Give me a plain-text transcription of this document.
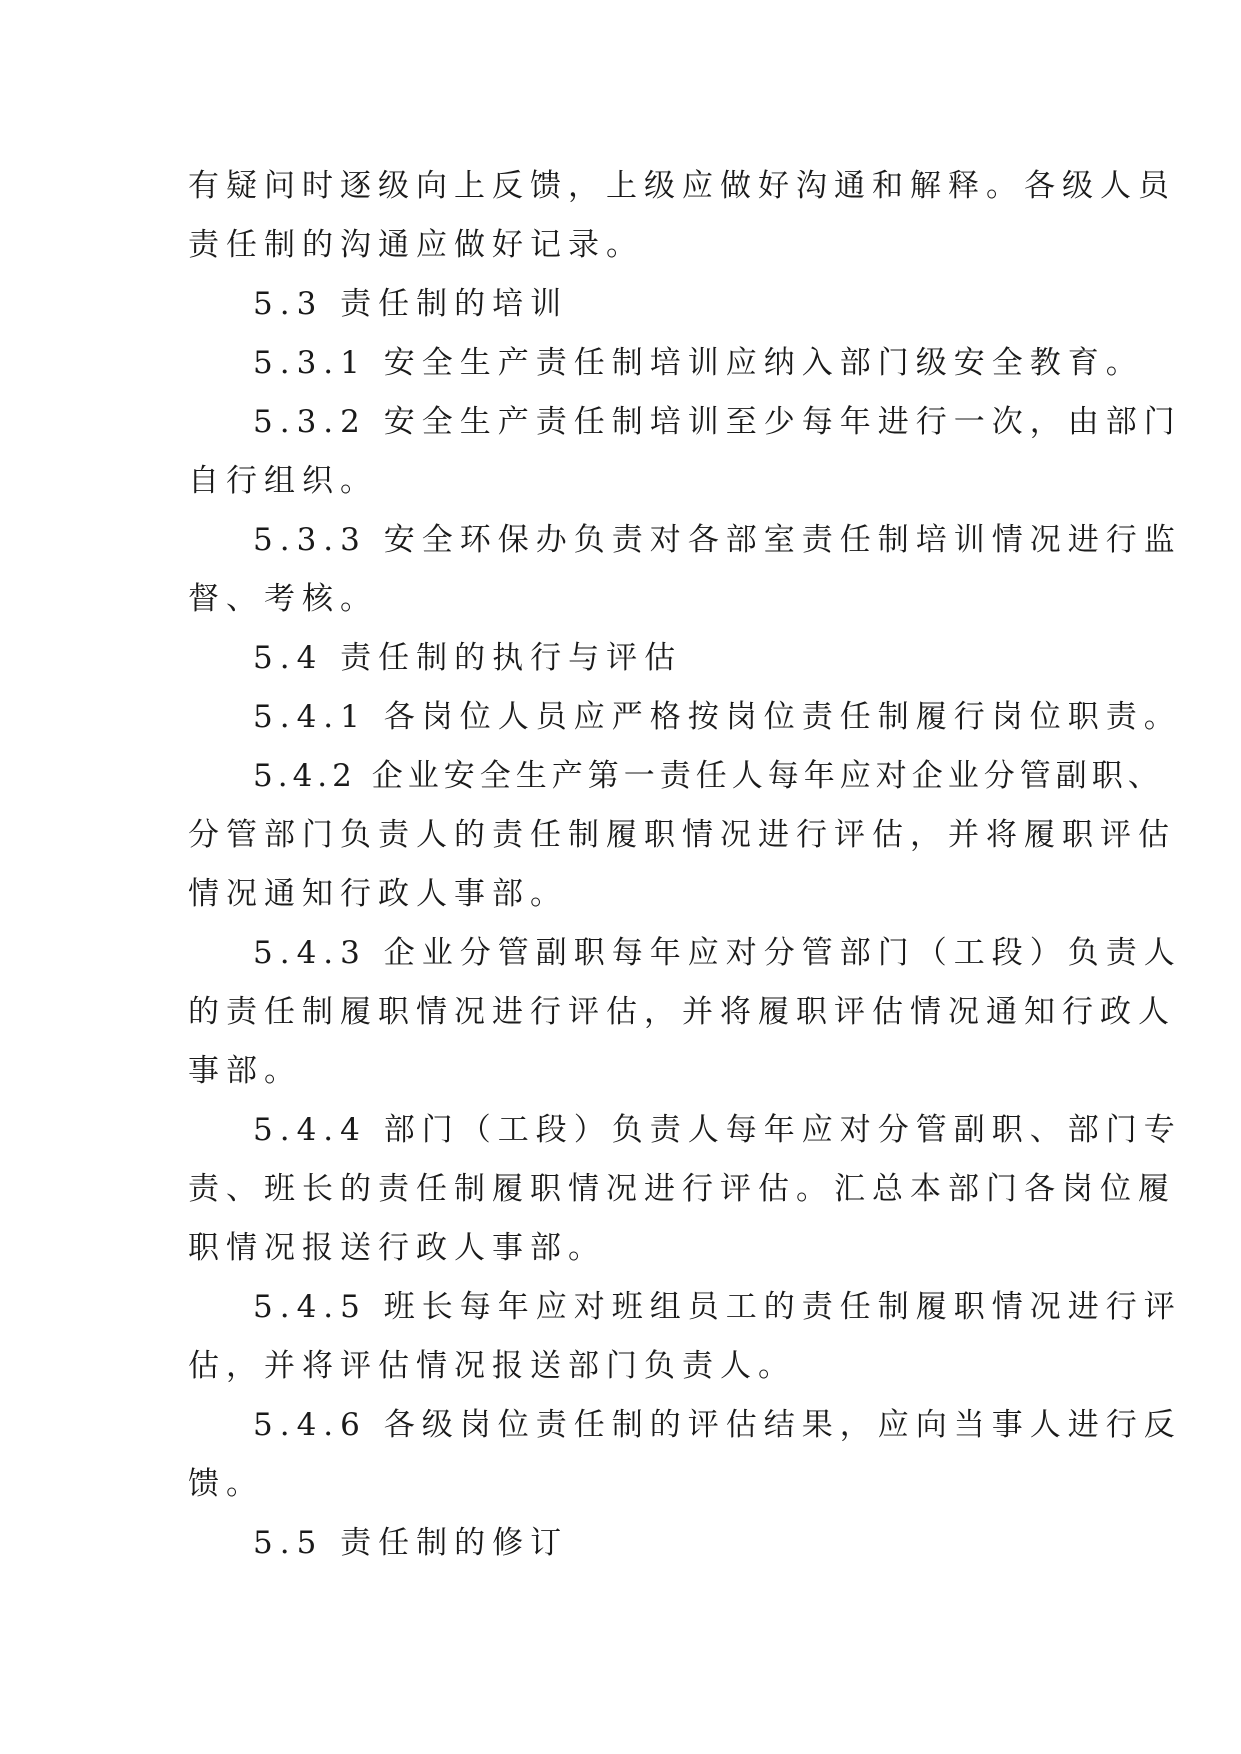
有疑问时逐级向上反馈，上级应做好沟通和解释。各级人员
责任制的沟通应做好记录。
5.3 责任制的培训
5.3.1 安全生产责任制培训应纳入部门级安全教育。
5.3.2 安全生产责任制培训至少每年进行一次，由部门
自行组织。
5.3.3 安全环保办负责对各部室责任制培训情况进行监
督、考核。
5.4 责任制的执行与评估
5.4.1 各岗位人员应严格按岗位责任制履行岗位职责。
5.4.2 企业安全生产第一责任人每年应对企业分管副职、
分管部门负责人的责任制履职情况进行评估，并将履职评估
情况通知行政人事部。
5.4.3 企业分管副职每年应对分管部门（工段）负责人
的责任制履职情况进行评估，并将履职评估情况通知行政人
事部。
5.4.4 部门（工段）负责人每年应对分管副职、部门专
责、班长的责任制履职情况进行评估。汇总本部门各岗位履
职情况报送行政人事部。
5.4.5 班长每年应对班组员工的责任制履职情况进行评
估，并将评估情况报送部门负责人。
5.4.6 各级岗位责任制的评估结果，应向当事人进行反
馈。
5.5 责任制的修订
